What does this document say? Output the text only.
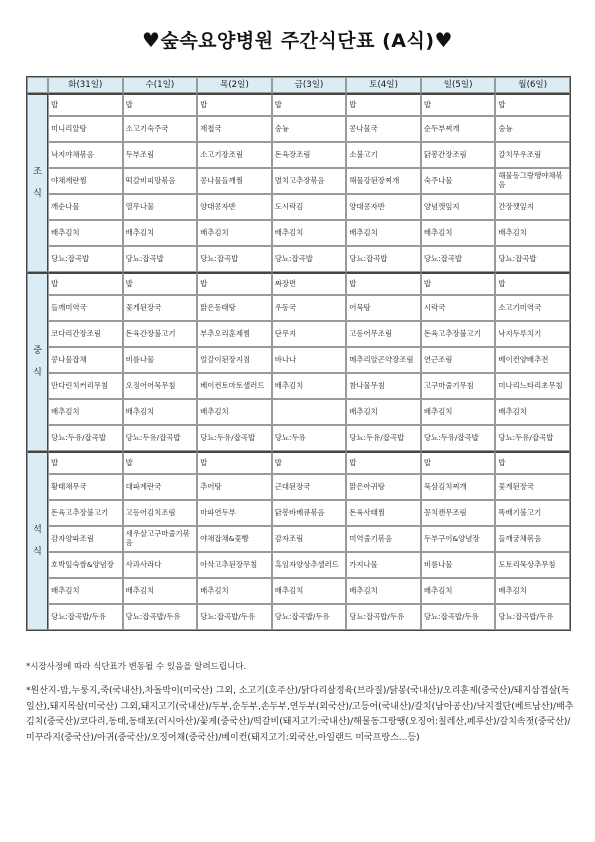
♥숲속요양병원 주간식단표 (A식)♥
	화(31일)	수(1일)	목(2일)	금(3일)	토(4일)	일(5일)	월(6일)

조
식	밥	밥	밥	밥	밥	밥	밥
	미니리알탕	소고기숙주국	재첩국	숭늉	콩나물국	순두부찌개	숭늉
	낙지야채볶음	두부조림	소고기장조림	돈육장조림	소불고기	닭봉간장조림	갈치무우조림
	야채계란찜	떡갈비피망볶음	콩나물들깨찜	멸치고추장볶음	해물강된장찌개	숙주나물	해물동그랑땡야채볶음
	깨순나물	열무나물	양대콩자반	도시락김	양대콩자반	양념깻잎지	간장깻잎지
	배추김치	배추김치	배추김치	배추김치	배추김치	배추김치	배추김치
	당뇨:잡곡밥	당뇨:잡곡밥	당뇨:잡곡밥	당뇨:잡곡밥	당뇨:잡곡밥	당뇨:잡곡밥	당뇨:잡곡밥

중
식	밥	밥	밥	짜장면	밥	밥	밥
	들깨미역국	꽃게된장국	맑은동태탕	우동국	어묵탕	시락국	소고기미역국
	코다리간장조림	돈육간장불고기	부추오리훈제찜	단무지	고등어무조림	돈육고추장불고기	낙지두루치기
	콩나물잡채	비름나물	얼갈이된장지짐	바나나	메추리알곤약장조림	연근조림	베이컨양배추전
	만다린치커리무침	오징어어묵무침	베이컨토마토샐러드	배추김치	참나물무침	고구마줄기무침	미나리느타리초무침
	배추김치	배추김치	배추김치		배추김치	배추김치	배추김치
	당뇨:두유/잡곡밥	당뇨:두유/잡곡밥	당뇨:두유/잡곡밥	당뇨:두유	당뇨:두유/잡곡밥	당뇨:두유/잡곡밥	당뇨:두유/잡곡밥

석
식	밥	밥	밥	밥	밥	밥	밥
	황태채무국	대파계란국	추어탕	근대된장국	맑은아귀탕	묵삼김치찌개	꽃게된장국
	돈육고추장불고기	고등어김치조림	마파연두부	닭봉바베큐볶음	돈육사태찜	꽁치캔무조림	똑배기불고기
	감자양파조림	새우살고구마줄기볶음	야채잡채&꽃빵	감자조림	미역줄기볶음	두부구이&양념장	들깨궁채볶음
	호박잎숙쌈&양념장	사과사라다	아삭고추된장무침	흑임자양상추샐러드	가지나물	비름나물	도토리묵상추무침
	배추김치	배추김치	배추김치	배추김치	배추김치	배추김치	배추김치
	당뇨:잡곡밥/두유	당뇨:잡곡밥/두유	당뇨:잡곡밥/두유	당뇨:잡곡밥/두유	당뇨:잡곡밥/두유	당뇨:잡곡밥/두유	당뇨:잡곡밥/두유
*시장사정에 따라 식단표가 변동될 수 있음을 알려드립니다.
*원산지-밥,누룽지,죽(국내산),차돌박이(미국산) 그외, 소고기(호주산)/닭다리살정육(브라질)/닭봉(국내산)/오리훈제(중국산)/돼지삼겹살(독일산),돼지목살(미국산) 그외,돼지고기(국내산)/두부,순두부,손두부,연두부(외국산)/고등어(국내산)/갈치(남아공산)/낙지절단(베트남산)/배추김치(중국산)/코다리,동태,동태포(러시아산)/꽃게(중국산)/떡갈비(돼지고기:국내산)/해물동그랑땡(오징어:칠레산,페루산)/갈치속젓(중국산)/미꾸라지(중국산)/아귀(중국산)/오징어채(중국산)/베이컨(돼지고기:외국산,아일랜드 미국프랑스...등)
